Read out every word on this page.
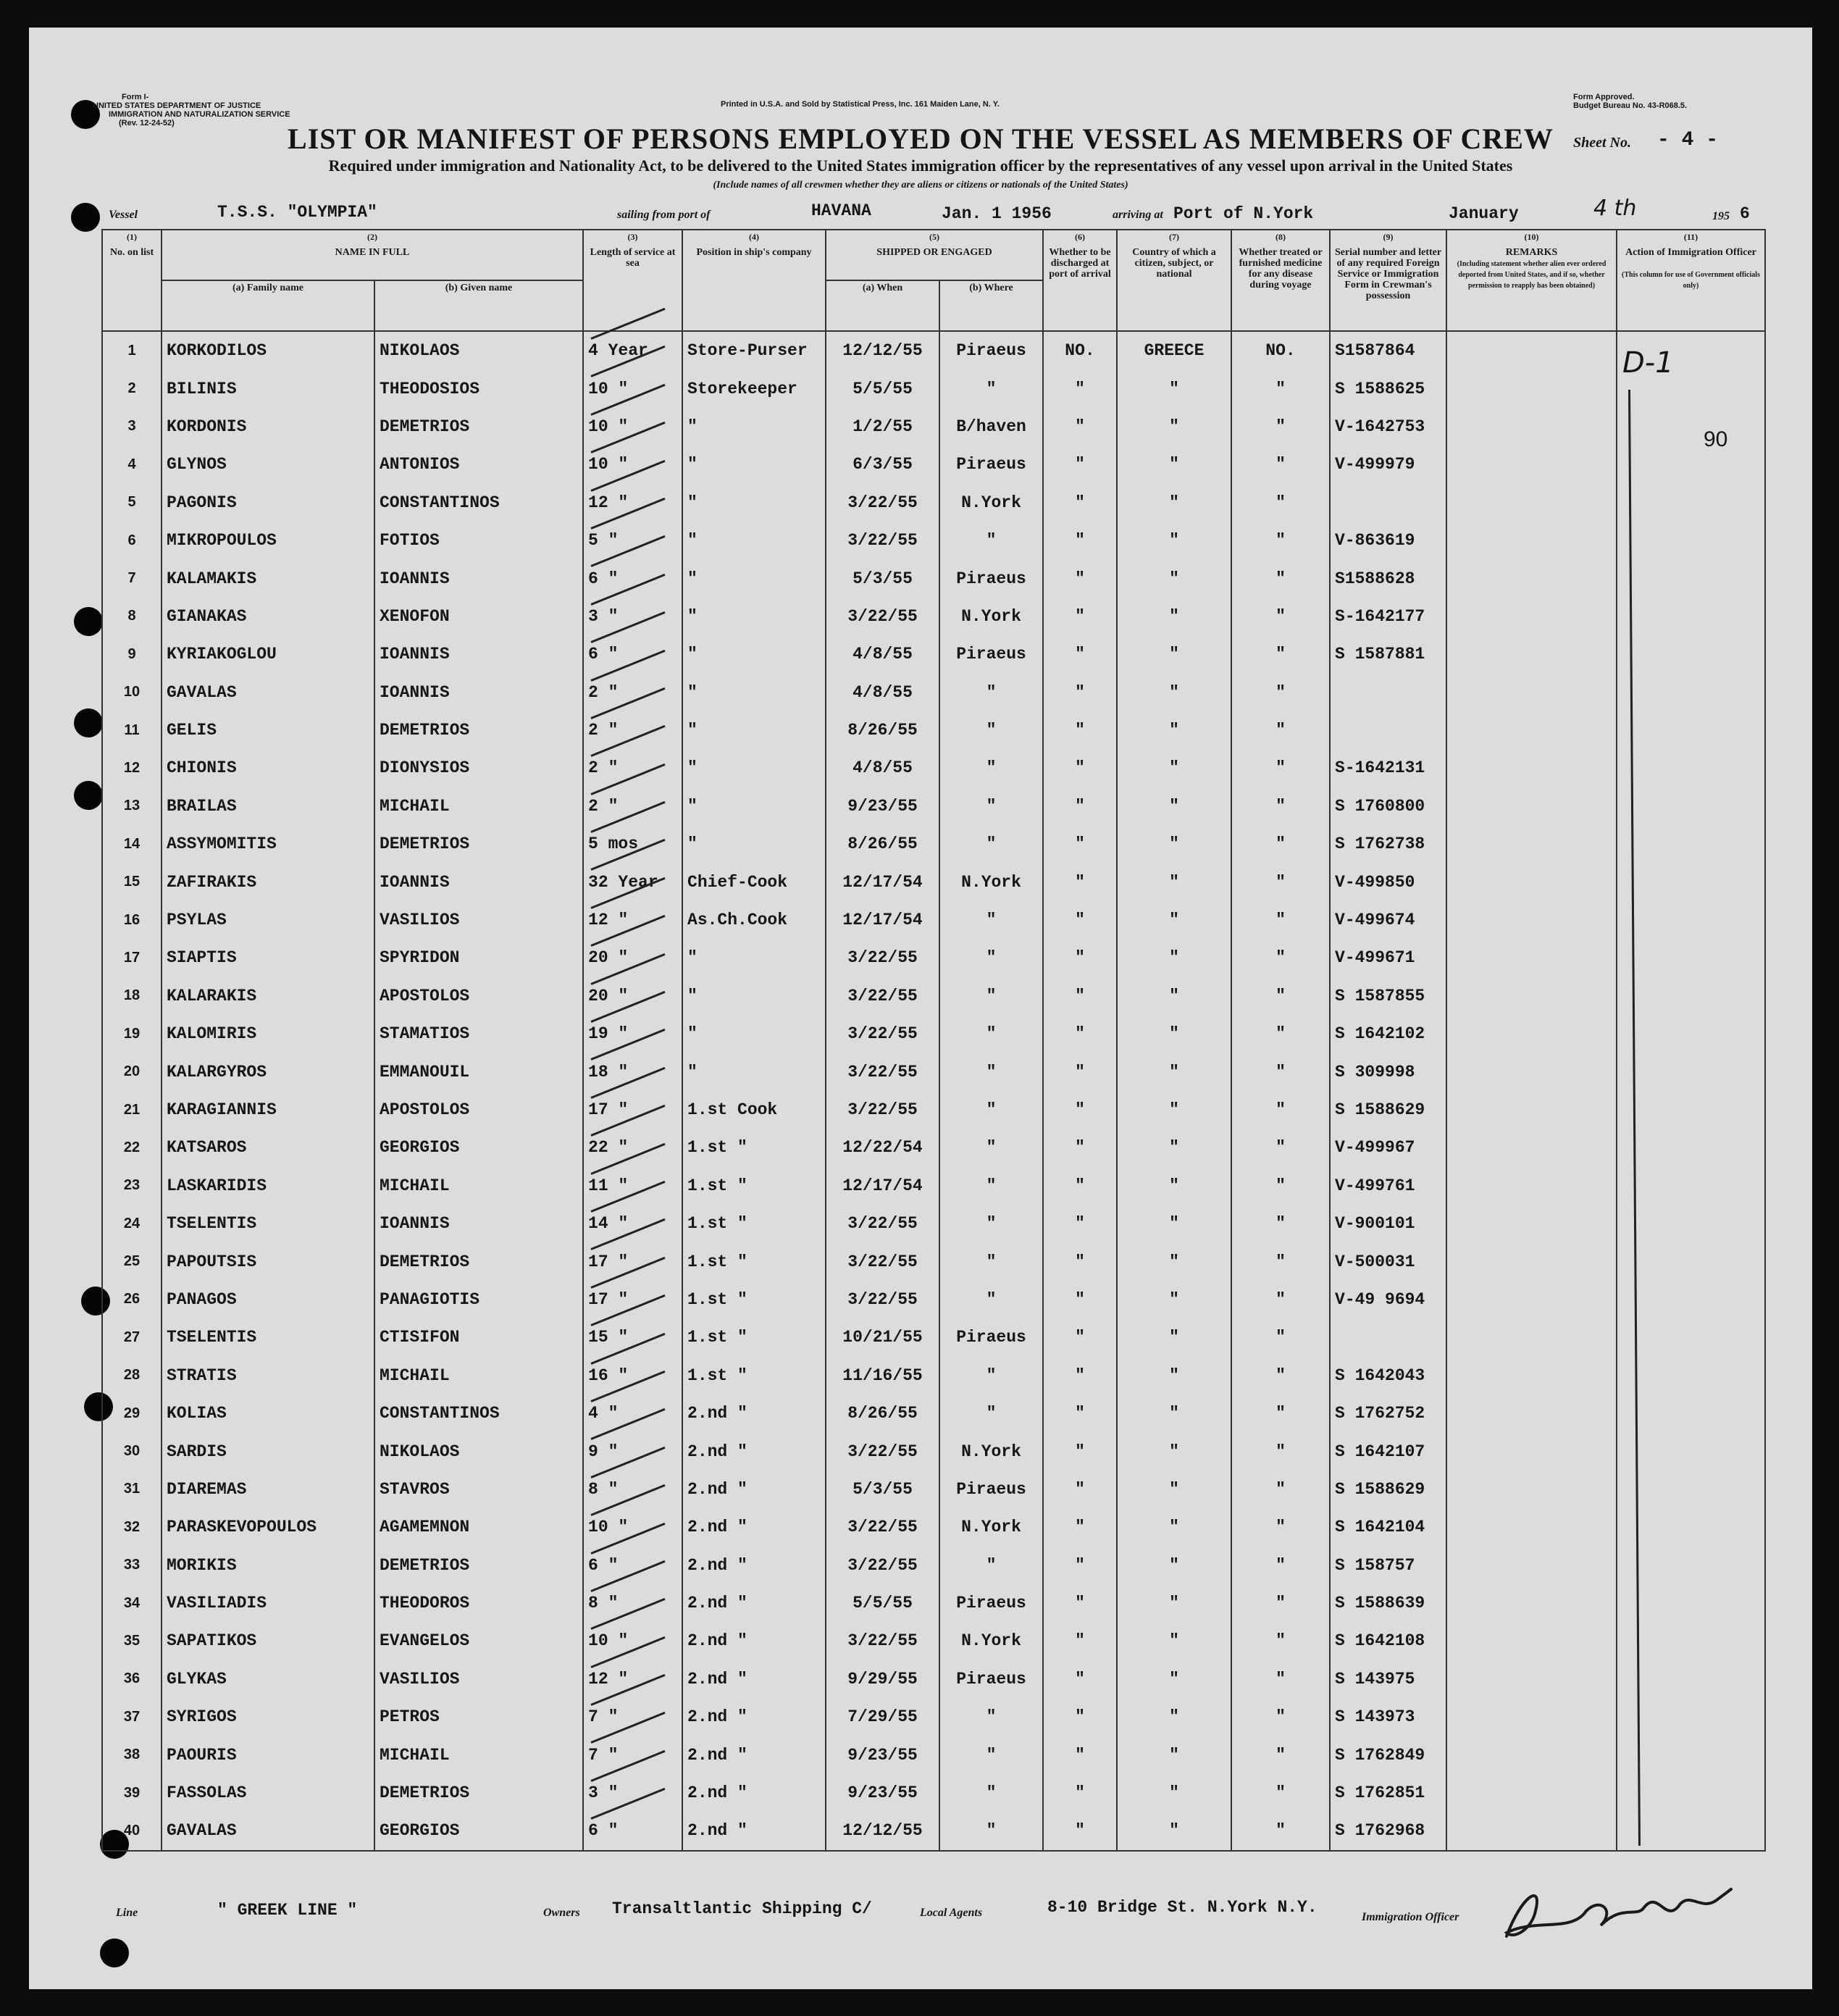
Form I-
UNITED STATES DEPARTMENT OF JUSTICE
IMMIGRATION AND NATURALIZATION SERVICE
(Rev. 12-24-52)
Printed in U.S.A. and Sold by Statistical Press, Inc. 161 Maiden Lane, N. Y.
Form Approved.
Budget Bureau No. 43-R068.5.
LIST OR MANIFEST OF PERSONS EMPLOYED ON THE VESSEL AS MEMBERS OF CREW	Sheet No. - 4 -
Required under immigration and Nationality Act, to be delivered to the United States immigration officer by the representatives of any vessel upon arrival in the United States
(Include names of all crewmen whether they are aliens or citizens or nationals of the United States)
Vessel	T.S.S. "OLYMPIA"	sailing from port of	HAVANA	Jan. 1 1956	arriving at Port of N.York	January	4 th	195 6
(1)
No. on list	(2)
NAME IN FULL		(3)
Length of service at sea	(4)
Position in ship's company	(5)
SHIPPED OR ENGAGED		(6)
Whether to be discharged at port of arrival	(7)
Country of which a citizen, subject, or national	(8)
Whether treated or furnished medicine for any disease during voyage	(9)
Serial number and letter of any required Foreign Service or Immigration Form in Crewman's possession	(10)
REMARKS
(Including statement whether alien ever ordered deported from United States, and if so, whether permission to reapply has been obtained)	(11)
Action of Immigration Officer

(This column for use of Government officials only)
	(a) Family name	(b) Given name			(a) When	(b) Where						
1	KORKODILOS	NIKOLAOS	4 Year	Store-Purser	12/12/55	Piraeus	NO.	GREECE	NO.	S1587864		
2	BILINIS	THEODOSIOS	10 "	Storekeeper	5/5/55	"	"	"	"	S 1588625		
3	KORDONIS	DEMETRIOS	10 "	"	1/2/55	B/haven	"	"	"	V-1642753		
4	GLYNOS	ANTONIOS	10 "	"	6/3/55	Piraeus	"	"	"	V-499979		
5	PAGONIS	CONSTANTINOS	12 "	"	3/22/55	N.York	"	"	"			
6	MIKROPOULOS	FOTIOS	5 "	"	3/22/55	"	"	"	"	V-863619		
7	KALAMAKIS	IOANNIS	6 "	"	5/3/55	Piraeus	"	"	"	S1588628		
8	GIANAKAS	XENOFON	3 "	"	3/22/55	N.York	"	"	"	S-1642177		
9	KYRIAKOGLOU	IOANNIS	6 "	"	4/8/55	Piraeus	"	"	"	S 1587881		
10	GAVALAS	IOANNIS	2 "	"	4/8/55	"	"	"	"			
11	GELIS	DEMETRIOS	2 "	"	8/26/55	"	"	"	"			
12	CHIONIS	DIONYSIOS	2 "	"	4/8/55	"	"	"	"	S-1642131		
13	BRAILAS	MICHAIL	2 "	"	9/23/55	"	"	"	"	S 1760800		
14	ASSYMOMITIS	DEMETRIOS	5 mos	"	8/26/55	"	"	"	"	S 1762738		
15	ZAFIRAKIS	IOANNIS	32 Year	Chief-Cook	12/17/54	N.York	"	"	"	V-499850		
16	PSYLAS	VASILIOS	12 "	As.Ch.Cook	12/17/54	"	"	"	"	V-499674		
17	SIAPTIS	SPYRIDON	20 "	"	3/22/55	"	"	"	"	V-499671		
18	KALARAKIS	APOSTOLOS	20 "	"	3/22/55	"	"	"	"	S 1587855		
19	KALOMIRIS	STAMATIOS	19 "	"	3/22/55	"	"	"	"	S 1642102		
20	KALARGYROS	EMMANOUIL	18 "	"	3/22/55	"	"	"	"	S 309998		
21	KARAGIANNIS	APOSTOLOS	17 "	1.st Cook	3/22/55	"	"	"	"	S 1588629		
22	KATSAROS	GEORGIOS	22 "	1.st "	12/22/54	"	"	"	"	V-499967		
23	LASKARIDIS	MICHAIL	11 "	1.st "	12/17/54	"	"	"	"	V-499761		
24	TSELENTIS	IOANNIS	14 "	1.st "	3/22/55	"	"	"	"	V-900101		
25	PAPOUTSIS	DEMETRIOS	17 "	1.st "	3/22/55	"	"	"	"	V-500031		
26	PANAGOS	PANAGIOTIS	17 "	1.st "	3/22/55	"	"	"	"	V-49 9694		
27	TSELENTIS	CTISIFON	15 "	1.st "	10/21/55	Piraeus	"	"	"			
28	STRATIS	MICHAIL	16 "	1.st "	11/16/55	"	"	"	"	S 1642043		
29	KOLIAS	CONSTANTINOS	4 "	2.nd "	8/26/55	"	"	"	"	S 1762752		
30	SARDIS	NIKOLAOS	9 "	2.nd "	3/22/55	N.York	"	"	"	S 1642107		
31	DIAREMAS	STAVROS	8 "	2.nd "	5/3/55	Piraeus	"	"	"	S 1588629		
32	PARASKEVOPOULOS	AGAMEMNON	10 "	2.nd "	3/22/55	N.York	"	"	"	S 1642104		
33	MORIKIS	DEMETRIOS	6 "	2.nd "	3/22/55	"	"	"	"	S 158757		
34	VASILIADIS	THEODOROS	8 "	2.nd "	5/5/55	Piraeus	"	"	"	S 1588639		
35	SAPATIKOS	EVANGELOS	10 "	2.nd "	3/22/55	N.York	"	"	"	S 1642108		
36	GLYKAS	VASILIOS	12 "	2.nd "	9/29/55	Piraeus	"	"	"	S 143975		
37	SYRIGOS	PETROS	7 "	2.nd "	7/29/55	"	"	"	"	S 143973		
38	PAOURIS	MICHAIL	7 "	2.nd "	9/23/55	"	"	"	"	S 1762849		
39	FASSOLAS	DEMETRIOS	3 "	2.nd "	9/23/55	"	"	"	"	S 1762851		
40	GAVALAS	GEORGIOS	6 "	2.nd "	12/12/55	"	"	"	"	S 1762968		
D-1
90
Line	" GREEK LINE "	Owners Transaltlantic Shipping C/	Local Agents	8-10 Bridge St. N.York N.Y.
Immigration Officer
